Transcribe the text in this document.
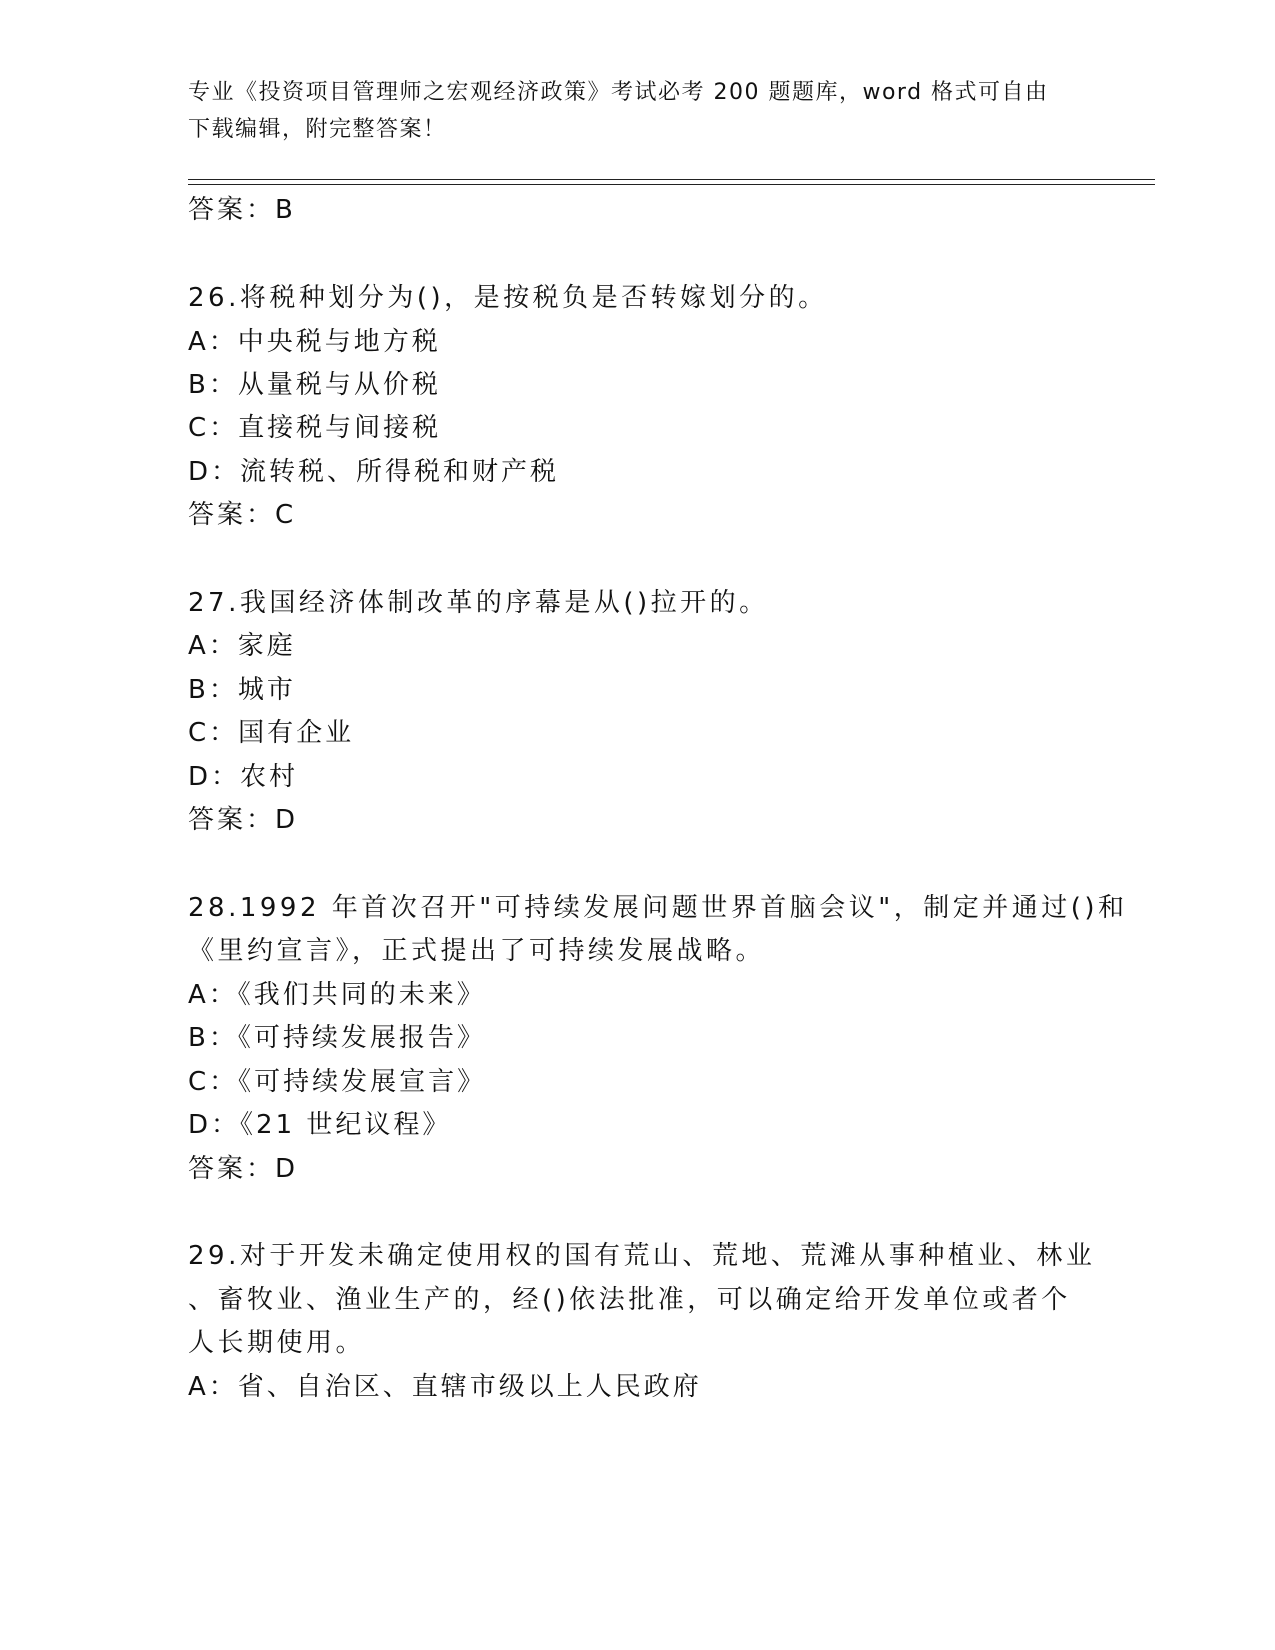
专业《投资项目管理师之宏观经济政策》考试必考 200 题题库，word 格式可自由
下载编辑，附完整答案！
答案：B
26.将税种划分为()，是按税负是否转嫁划分的。
A：中央税与地方税
B：从量税与从价税
C：直接税与间接税
D：流转税、所得税和财产税
答案：C
27.我国经济体制改革的序幕是从()拉开的。
A：家庭
B：城市
C：国有企业
D：农村
答案：D
28.1992 年首次召开"可持续发展问题世界首脑会议"，制定并通过()和
《里约宣言》，正式提出了可持续发展战略。
A：《我们共同的未来》
B：《可持续发展报告》
C：《可持续发展宣言》
D：《21 世纪议程》
答案：D
29.对于开发未确定使用权的国有荒山、荒地、荒滩从事种植业、林业
、畜牧业、渔业生产的，经()依法批准，可以确定给开发单位或者个
人长期使用。
A：省、自治区、直辖市级以上人民政府
